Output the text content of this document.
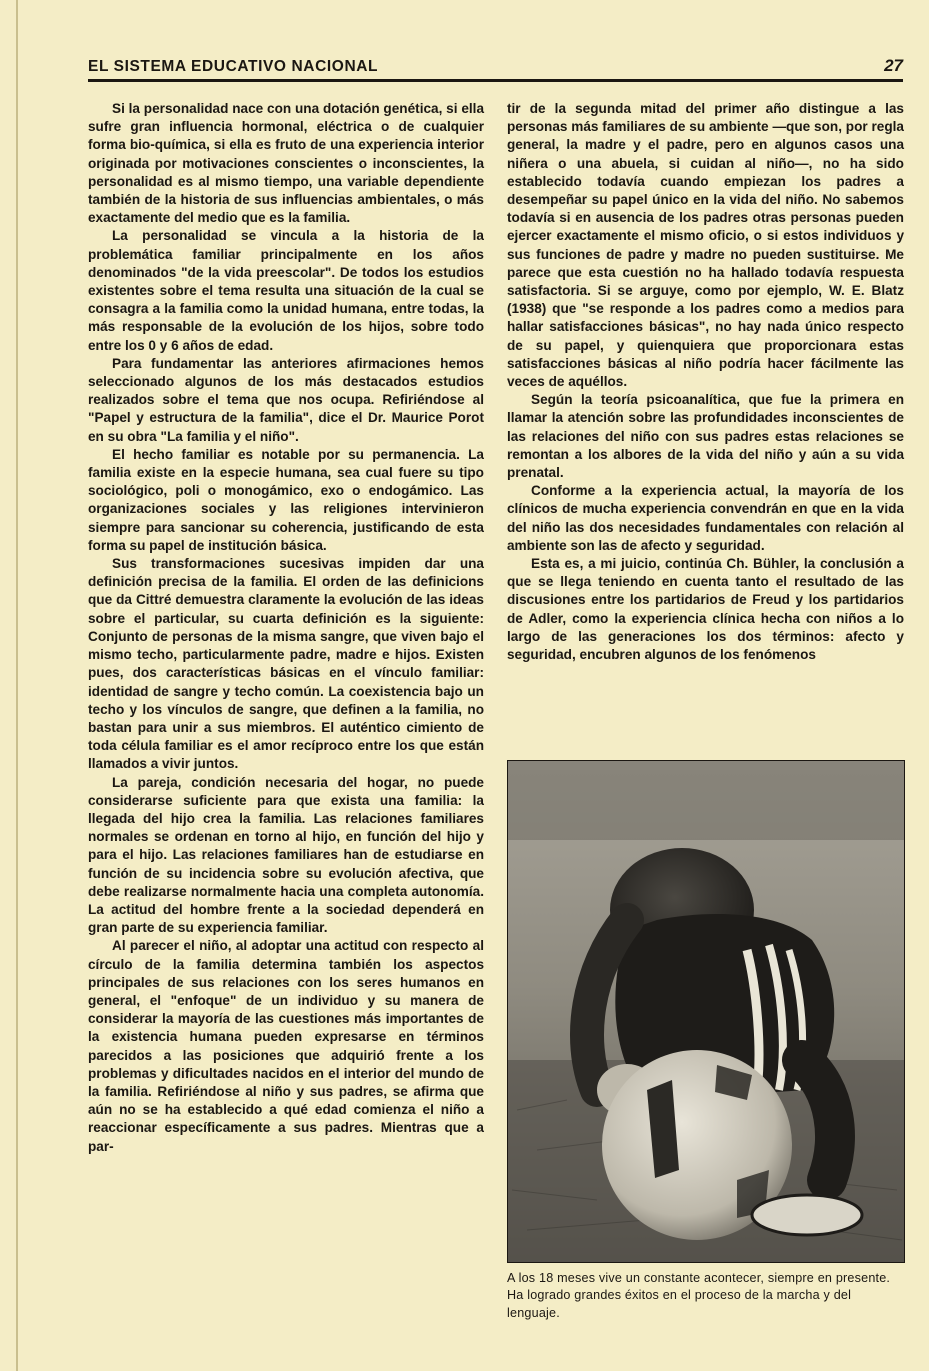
EL SISTEMA EDUCATIVO NACIONAL	27

Si la personalidad nace con una dotación genética, si ella sufre gran influencia hormonal, eléctrica o de cualquier forma bio-química, si ella es fruto de una experiencia interior originada por motivaciones conscientes o inconscientes, la personalidad es al mismo tiempo, una variable dependiente también de la historia de sus influencias ambientales, o más exactamente del medio que es la familia.

La personalidad se vincula a la historia de la problemática familiar principalmente en los años denominados "de la vida preescolar". De todos los estudios existentes sobre el tema resulta una situación de la cual se consagra a la familia como la unidad humana, entre todas, la más responsable de la evolución de los hijos, sobre todo entre los 0 y 6 años de edad.

Para fundamentar las anteriores afirmaciones hemos seleccionado algunos de los más destacados estudios realizados sobre el tema que nos ocupa. Refiriéndose al "Papel y estructura de la familia", dice el Dr. Maurice Porot en su obra "La familia y el niño".

El hecho familiar es notable por su permanencia. La familia existe en la especie humana, sea cual fuere su tipo sociológico, poli o monogámico, exo o endogámico. Las organizaciones sociales y las religiones intervinieron siempre para sancionar su coherencia, justificando de esta forma su papel de institución básica.

Sus transformaciones sucesivas impiden dar una definición precisa de la familia. El orden de las definicions que da Cittré demuestra claramente la evolución de las ideas sobre el particular, su cuarta definición es la siguiente: Conjunto de personas de la misma sangre, que viven bajo el mismo techo, particularmente padre, madre e hijos. Existen pues, dos características básicas en el vínculo familiar: identidad de sangre y techo común. La coexistencia bajo un techo y los vínculos de sangre, que definen a la familia, no bastan para unir a sus miembros. El auténtico cimiento de toda célula familiar es el amor recíproco entre los que están llamados a vivir juntos.

La pareja, condición necesaria del hogar, no puede considerarse suficiente para que exista una familia: la llegada del hijo crea la familia. Las relaciones familiares normales se ordenan en torno al hijo, en función del hijo y para el hijo. Las relaciones familiares han de estudiarse en función de su incidencia sobre su evolución afectiva, que debe realizarse normalmente hacia una completa autonomía. La actitud del hombre frente a la sociedad dependerá en gran parte de su experiencia familiar.

Al parecer el niño, al adoptar una actitud con respecto al círculo de la familia determina también los aspectos principales de sus relaciones con los seres humanos en general, el "enfoque" de un individuo y su manera de considerar la mayoría de las cuestiones más importantes de la existencia humana pueden expresarse en términos parecidos a las posiciones que adquirió frente a los problemas y dificultades nacidos en el interior del mundo de la familia. Refiriéndose al niño y sus padres, se afirma que aún no se ha establecido a qué edad comienza el niño a reaccionar específicamente a sus padres. Mientras que a par-

tir de la segunda mitad del primer año distingue a las personas más familiares de su ambiente —que son, por regla general, la madre y el padre, pero en algunos casos una niñera o una abuela, si cuidan al niño—, no ha sido establecido todavía cuando empiezan los padres a desempeñar su papel único en la vida del niño. No sabemos todavía si en ausencia de los padres otras personas pueden ejercer exactamente el mismo oficio, o si estos individuos y sus funciones de padre y madre no pueden sustituirse. Me parece que esta cuestión no ha hallado todavía respuesta satisfactoria. Si se arguye, como por ejemplo, W. E. Blatz (1938) que "se responde a los padres como a medios para hallar satisfacciones básicas", no hay nada único respecto de su papel, y quienquiera que proporcionara estas satisfacciones básicas al niño podría hacer fácilmente las veces de aquéllos.

Según la teoría psicoanalítica, que fue la primera en llamar la atención sobre las profundidades inconscientes de las relaciones del niño con sus padres estas relaciones se remontan a los albores de la vida del niño y aún a su vida prenatal.

Conforme a la experiencia actual, la mayoría de los clínicos de mucha experiencia convendrán en que en la vida del niño las dos necesidades fundamentales con relación al ambiente son las de afecto y seguridad.

Esta es, a mi juicio, continúa Ch. Bühler, la conclusión a que se llega teniendo en cuenta tanto el resultado de las discusiones entre los partidarios de Freud y los partidarios de Adler, como la experiencia clínica hecha con niños a lo largo de las generaciones los dos términos: afecto y seguridad, encubren algunos de los fenómenos

A los 18 meses vive un constante acontecer, siempre en presente. Ha logrado grandes éxitos en el proceso de la marcha y del lenguaje.
